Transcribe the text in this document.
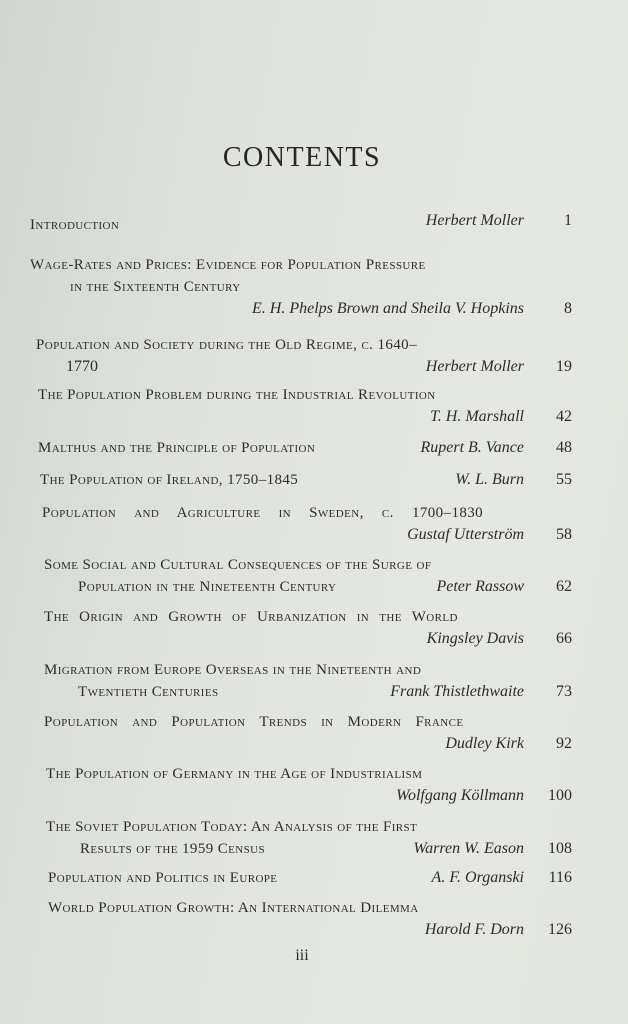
CONTENTS
Introduction	Herbert Moller	1
Wage-Rates and Prices: Evidence for Population Pressure
in the Sixteenth Century
E. H. Phelps Brown and Sheila V. Hopkins	8
Population and Society during the Old Regime, c. 1640–
1770	Herbert Moller 19
The Population Problem during the Industrial Revolution
T. H. Marshall 42
Malthus and the Principle of Population	Rupert B. Vance 48
The Population of Ireland, 1750–1845	W. L. Burn 55
Population and Agriculture in Sweden, c. 1700–1830
Gustaf Utterström 58
Some Social and Cultural Consequences of the Surge of
Population in the Nineteenth Century	Peter Rassow 62
The Origin and Growth of Urbanization in the World
Kingsley Davis 66
Migration from Europe Overseas in the Nineteenth and
Twentieth Centuries	Frank Thistlethwaite 73
Population and Population Trends in Modern France
Dudley Kirk 92
The Population of Germany in the Age of Industrialism
Wolfgang Köllmann 100
The Soviet Population Today: An Analysis of the First
Results of the 1959 Census	Warren W. Eason 108
Population and Politics in Europe	A. F. Organski 116
World Population Growth: An International Dilemma
Harold F. Dorn 126
iii
